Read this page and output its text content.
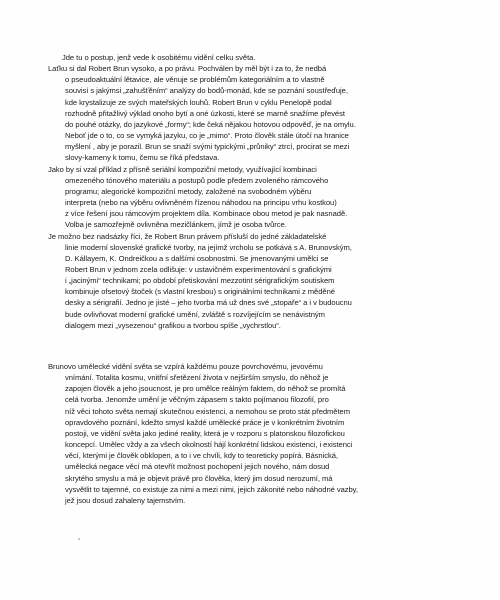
Jde tu o postup, jenž vede k osobitému vidění celku světa.

Laťku si dal Robert Brun vysoko, a po právu. Pochválen by měl být i za to, že nedbá

o pseudoaktuální lětavice, ale věnuje se problémům kategoriálním a to vlastně

souvisí s jakýmsi „zahušťěním“ analýzy do bodů-monád, kde se poznání soustřeďuje,

kde krystalizuje ze svých mateřských louhů. Robert Brun v cyklu Penelopě podal

rozhodně přitažlivý výklad onoho bytí a oné úzkosti, které se marně snažíme převést

do pouhé otázky, do jazykové „formy“; kde čeká nějakou hotovou odpověď, je na omylu.

Neboť jde o to, co se vymyká jazyku, co je „mimo“. Proto člověk stále útočí na hranice

myšlení , aby je porazil. Brun se snaží svými typickými „průniky“ ztrcí, procirat se mezi

slovy-kameny k tomu, čemu se říká představa.

Jako by si vzal příklad z přísně seriální kompoziční metody, využívající kombinaci

omezeného tónového materiálu a postupů podle předem zvoleného rámcového

programu; alegorické kompoziční metody, založené na svobodném výběru

interpreta (nebo na výběru ovlivněném řízenou náhodou na principu vrhu kostkou)

z více řešení jsou rámcovým projektem díla. Kombinace obou metod je pak nasnadě.

Volba je samozřejmě ovlivněna mezičlánkem, jímž je osoba tvůrce.

Je možno bez nadsázky říci, že Robert Brun právem přísluší do jedné základatelské

linie moderní slovenské grafické tvorby, na jejímž vrcholu se potkává s A. Brunovským,

D. Kállayem, K. Ondreičkou a s dalšími osobnostmi. Se jmenovanými umělci se

Robert Brun v jednom zcela odlišuje: v ustavičném experimentování s grafickými

i „jacinými“ technikami; po období přetiskování mezzotint sérigrafickým soutiskem

kombinuje ofsetový štoček (s vlastní kresbou) s originálními technikami z měděné

desky a sérigrafií. Jedno je jisté – jeho tvorba má už dnes své „stopaře“ a i v budoucnu

bude ovlivňovat moderní grafické umění, zvláště s rozvíjejícím se nenávistným

dialogem mezi „vysezenou“ grafikou a tvorbou spíše „vychrstlou“.

Brunovo umělecké vidění světa se vzpírá každému pouze povrchovému, jevovému

vnímání. Totalita kosmu, vnitřní sřetězení života v nejširším smyslu, do něhož je

zapojen člověk a jeho jsoucnost, je pro umělce reálným faktem, do něhož se promítá

celá tvorba. Jenomže umění je věčným zápasem s takto pojímanou filozofií, pro

níž věci tohoto světa nemají skutečnou existenci, a nemohou se proto stát předmětem

opravdového poznání, kdežto smysl každé umělecké práce je v konkrétním životním

postoji, ve vidění světa jako jediné reality, která je v rozporu s platonskou filozofickou

koncepcí. Umělec vždy a za všech okolností hájí konkrétní lidskou existenci, i existenci

věcí, kterými je člověk obklopen, a to i ve chvíli, kdy to teoreticky popírá. Básnická,

umělecká negace věcí má otevřít možnost pochopení jejich nového, nám dosud

skrytého smyslu a má je objevit právě pro člověka, který jim dosud nerozumí, má

vysvětlit to tajemné, co existuje za nimi a mezi nimi, jejich zákonité nebo náhodné vazby,

jež jsou dosud zahaleny tajemstvím.
